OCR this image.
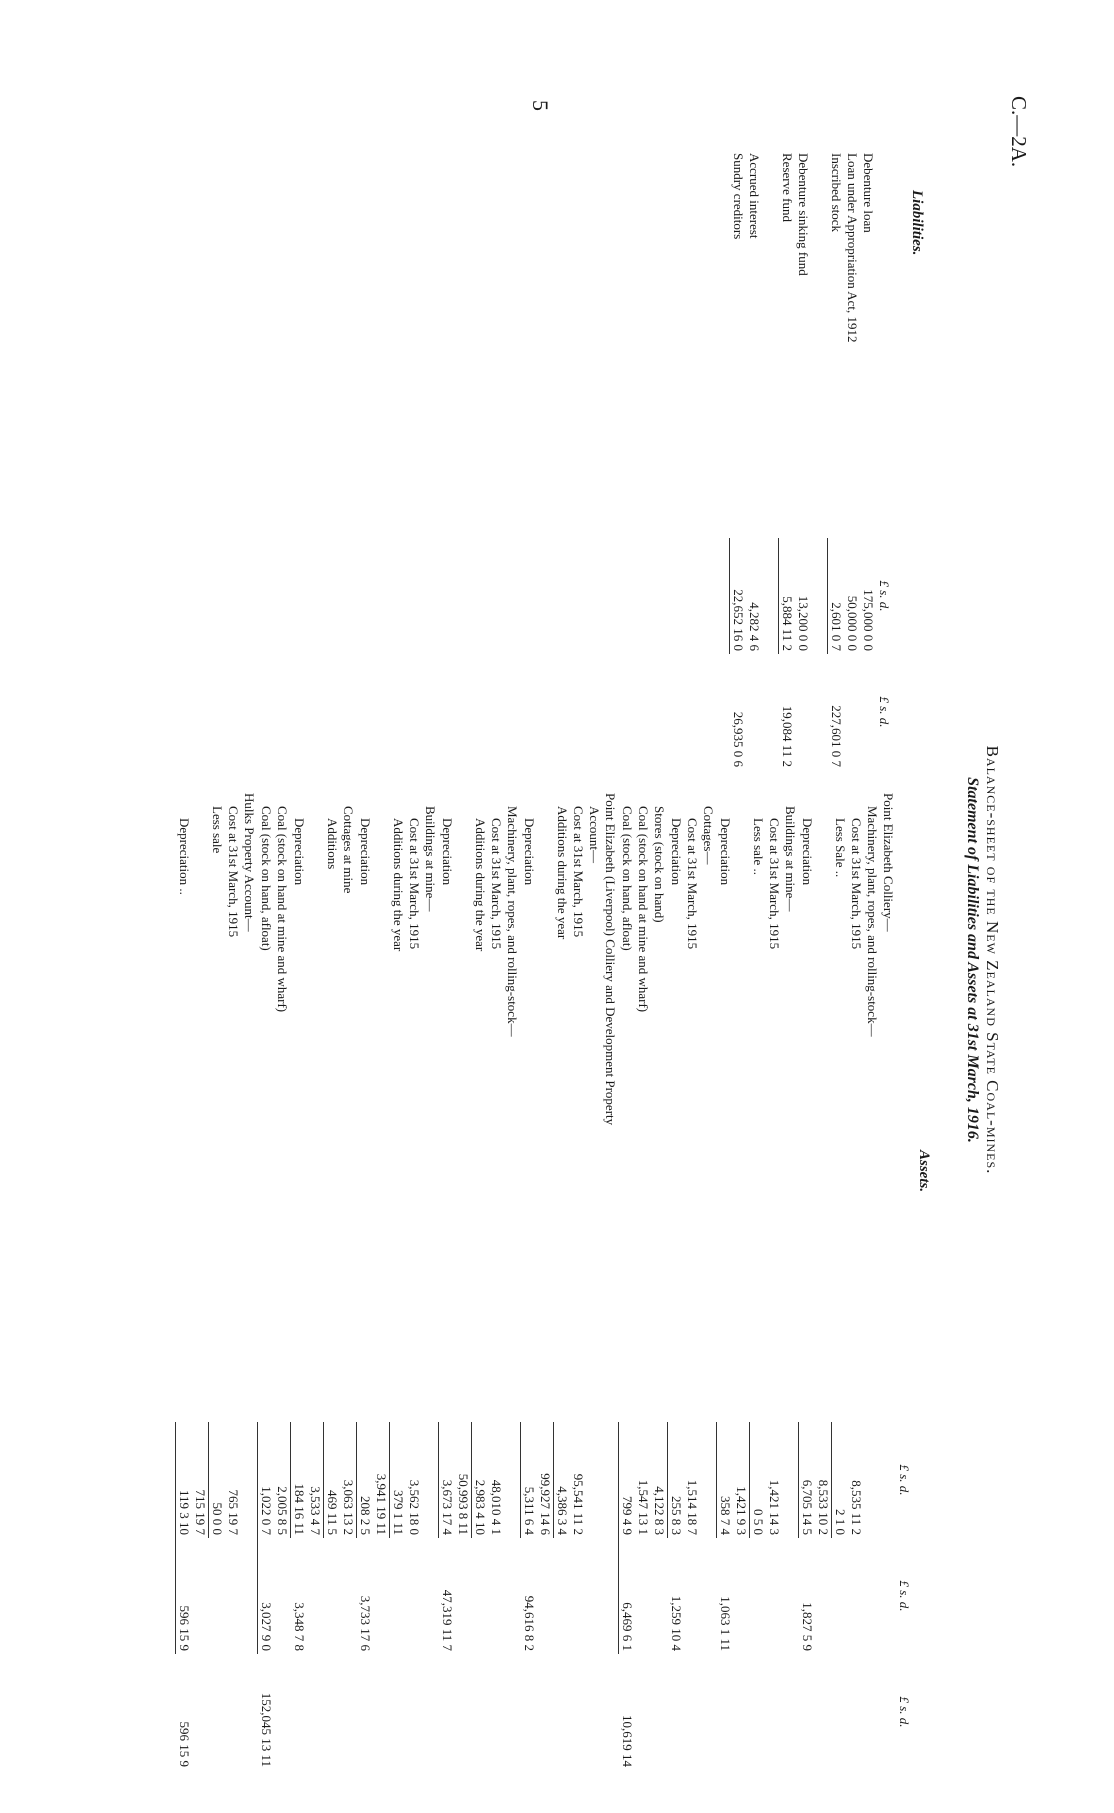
5	C.—2A.
Balance-sheet of the New Zealand State Coal-mines.
Statement of Liabilities and Assets at 31st March, 1916.
Liabilities.
Assets.
	£ s. d.	£ s. d.
Debenture loan	175,000 0 0	
Loan under Appropriation Act, 1912	50,000 0 0	
Inscribed stock	2,601 0 7	227,601 0 7

Debenture sinking fund	13,200 0 0	
Reserve fund	5,884 11 2	19,084 11 2

Accrued interest	4,282 4 6	
Sundry creditors	22,652 16 0	26,935 0 6
	£ s. d.	£ s. d.	£ s. d.
Point Elizabeth Colliery—			
Machinery, plant, ropes, and rolling-stock—			
Cost at 31st March, 1915	8,535 11 2		
Less Sale ..	2 1 0		
	8,533 10 2		
Depreciation	6,705 14 5	1,827 5 9	
Buildings at mine—			
Cost at 31st March, 1915	1,421 14 3		
Less sale ..	0 5 0		
	1,421 9 3		
Depreciation	358 7 4	1,063 1 11	
Cottages—			
Cost at 31st March, 1915	1,514 18 7		
Depreciation	255 8 3	1,259 10 4	
Stores (stock on hand)	4,122 8 3		
Coal (stock on hand at mine and wharf)	1,547 13 1		
Coal (stock on hand, afloat)	799 4 9	6,469 6 1	10,619 14
Point Elizabeth (Liverpool) Colliery and Development Property			
Account—			
Cost at 31st March, 1915	95,541 11 2		
Additions during the year	4,386 3 4		
	99,927 14 6		
Depreciation	5,311 6 4	94,616 8 2	
Machinery, plant, ropes, and rolling-stock—			
Cost at 31st March, 1915	48,010 4 1		
Additions during the year	2,983 4 10		
	50,993 8 11		
Depreciation	3,673 17 4	47,319 11 7	
Buildings at mine—			
Cost at 31st March, 1915	3,562 18 0		
Additions during the year	379 1 11		
	3,941 19 11		
Depreciation	208 2 5	3,733 17 6	
Cottages at mine	3,063 13 2		
Additions	469 11 5		
	3,533 4 7		
Depreciation	184 16 11	3,348 7 8	
Coal (stock on hand at mine and wharf)	2,005 8 5		
Coal (stock on hand, afloat)	1,022 0 7	3,027 9 0	152,045 13 11
Hulks Property Account—			
Cost at 31st March, 1915	765 19 7		
Less sale	50 0 0		
	715 19 7		
Depreciation ..	119 3 10	596 15 9	596 15 9
